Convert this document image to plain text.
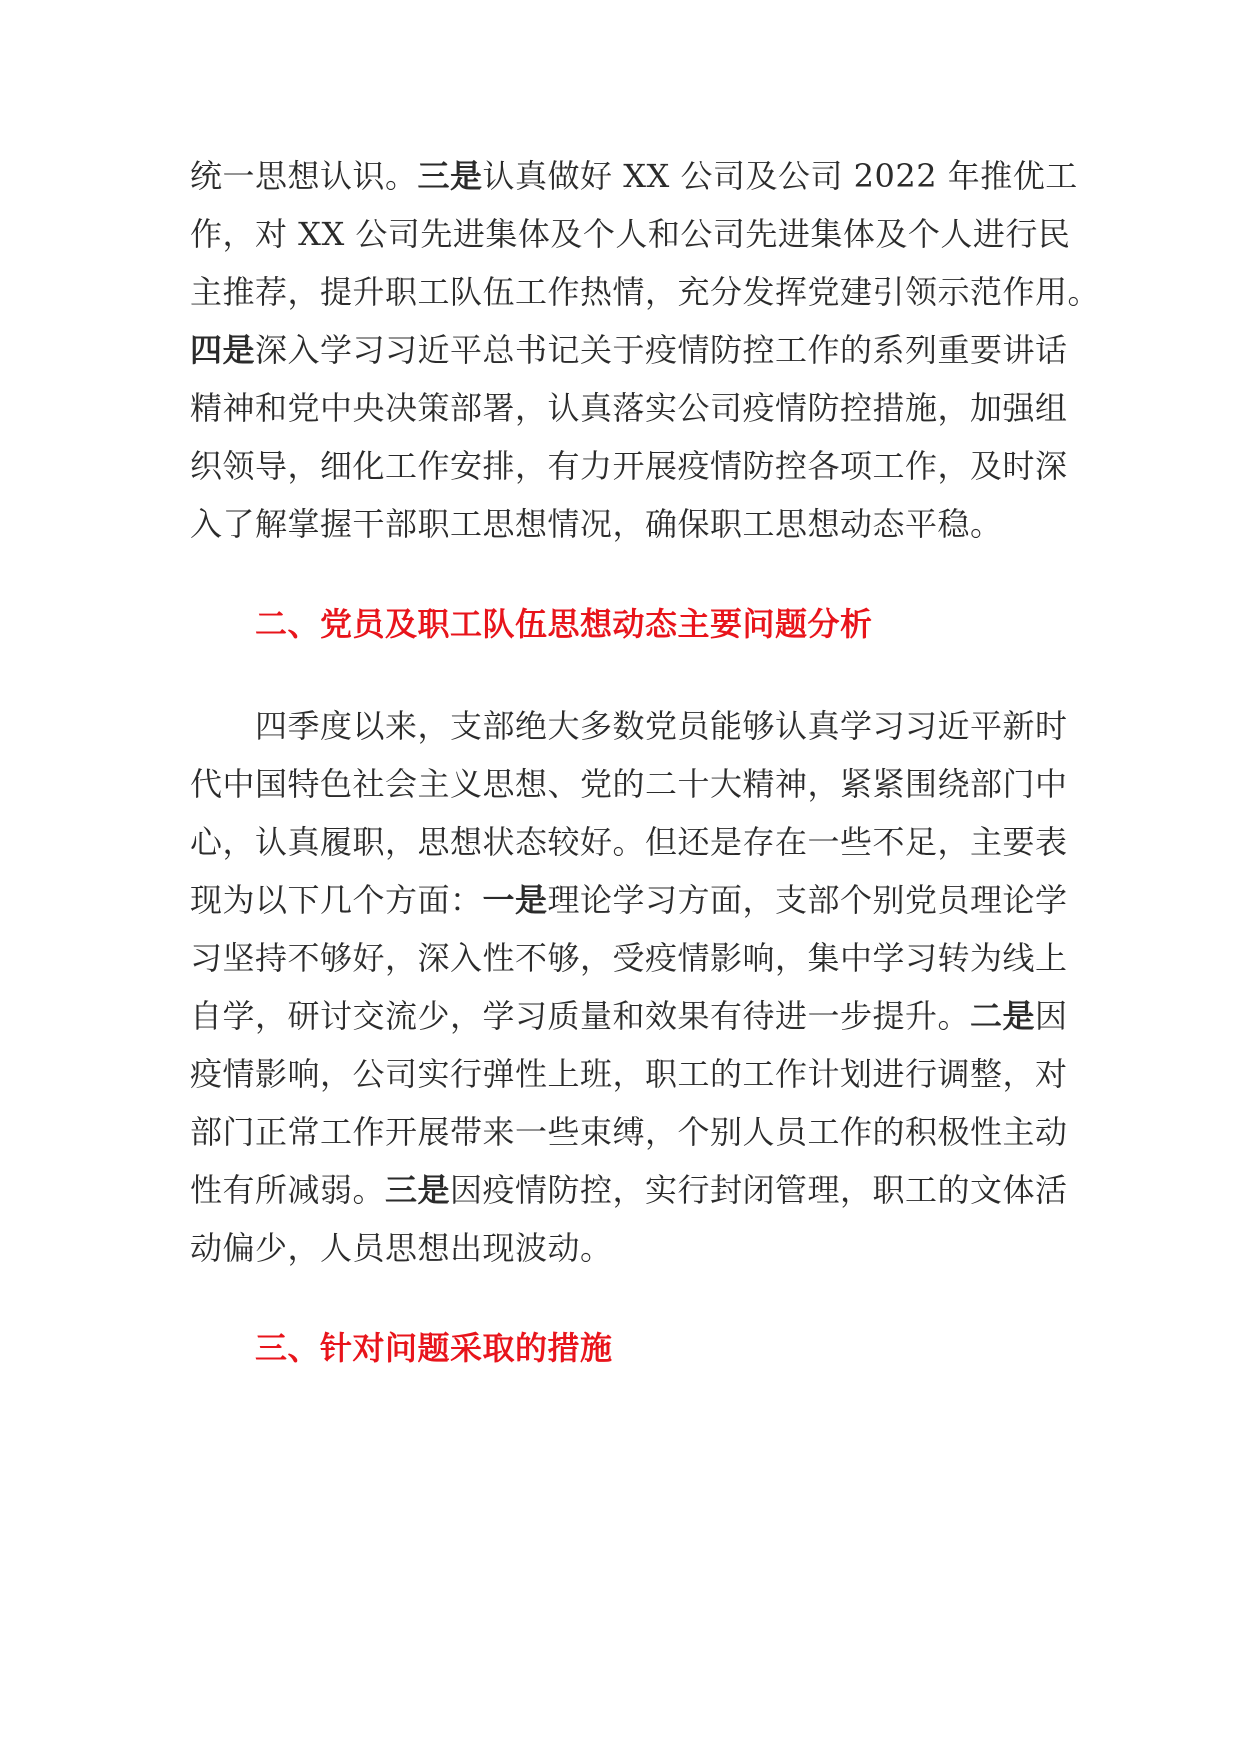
统一思想认识。三是认真做好 XX 公司及公司 2022 年推优工
作，对 XX 公司先进集体及个人和公司先进集体及个人进行民
主推荐，提升职工队伍工作热情，充分发挥党建引领示范作用。
四是深入学习习近平总书记关于疫情防控工作的系列重要讲话
精神和党中央决策部署，认真落实公司疫情防控措施，加强组
织领导，细化工作安排，有力开展疫情防控各项工作，及时深
入了解掌握干部职工思想情况，确保职工思想动态平稳。
二、党员及职工队伍思想动态主要问题分析
四季度以来，支部绝大多数党员能够认真学习习近平新时
代中国特色社会主义思想、党的二十大精神，紧紧围绕部门中
心，认真履职，思想状态较好。但还是存在一些不足，主要表
现为以下几个方面：一是理论学习方面，支部个别党员理论学
习坚持不够好，深入性不够，受疫情影响，集中学习转为线上
自学，研讨交流少，学习质量和效果有待进一步提升。二是因
疫情影响，公司实行弹性上班，职工的工作计划进行调整，对
部门正常工作开展带来一些束缚，个别人员工作的积极性主动
性有所减弱。三是因疫情防控，实行封闭管理，职工的文体活
动偏少，人员思想出现波动。
三、针对问题采取的措施
